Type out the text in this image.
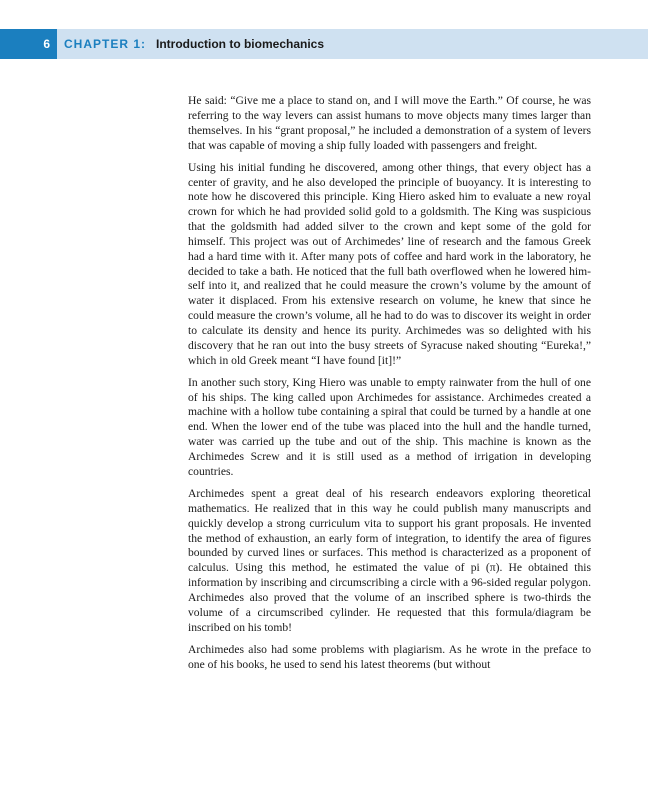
6	CHAPTER 1: Introduction to biomechanics

He said: “Give me a place to stand on, and I will move the Earth.” Of course, he was referring to the way levers can assist humans to move objects many times larger than themselves. In his “grant proposal,” he included a demonstration of a system of levers that was capable of moving a ship fully loaded with passengers and freight.

Using his initial funding he discovered, among other things, that every object has a center of gravity, and he also developed the principle of buoyancy. It is interesting to note how he discovered this principle. King Hiero asked him to evaluate a new royal crown for which he had provided solid gold to a goldsmith. The King was suspicious that the goldsmith had added silver to the crown and kept some of the gold for himself. This project was out of Archimedes’ line of research and the famous Greek had a hard time with it. After many pots of coffee and hard work in the laboratory, he decided to take a bath. He noticed that the full bath overflowed when he lowered himself into it, and realized that he could measure the crown’s volume by the amount of water it displaced. From his extensive research on volume, he knew that since he could measure the crown’s volume, all he had to do was to discover its weight in order to calculate its density and hence its purity. Archimedes was so delighted with his discovery that he ran out into the busy streets of Syracuse naked shouting “Eureka!,” which in old Greek meant “I have found [it]!”

In another such story, King Hiero was unable to empty rainwater from the hull of one of his ships. The king called upon Archimedes for assistance. Archimedes created a machine with a hollow tube containing a spiral that could be turned by a handle at one end. When the lower end of the tube was placed into the hull and the handle turned, water was carried up the tube and out of the ship. This machine is known as the Archimedes Screw and it is still used as a method of irrigation in developing countries.

Archimedes spent a great deal of his research endeavors exploring theoretical mathematics. He realized that in this way he could publish many manuscripts and quickly develop a strong curriculum vita to support his grant proposals. He invented the method of exhaustion, an early form of integration, to identify the area of figures bounded by curved lines or surfaces. This method is characterized as a proponent of calculus. Using this method, he estimated the value of pi (π). He obtained this information by inscribing and circumscribing a circle with a 96-sided regular polygon. Archimedes also proved that the volume of an inscribed sphere is two-thirds the volume of a circumscribed cylinder. He requested that this formula/diagram be inscribed on his tomb!

Archimedes also had some problems with plagiarism. As he wrote in the preface to one of his books, he used to send his latest theorems (but without
